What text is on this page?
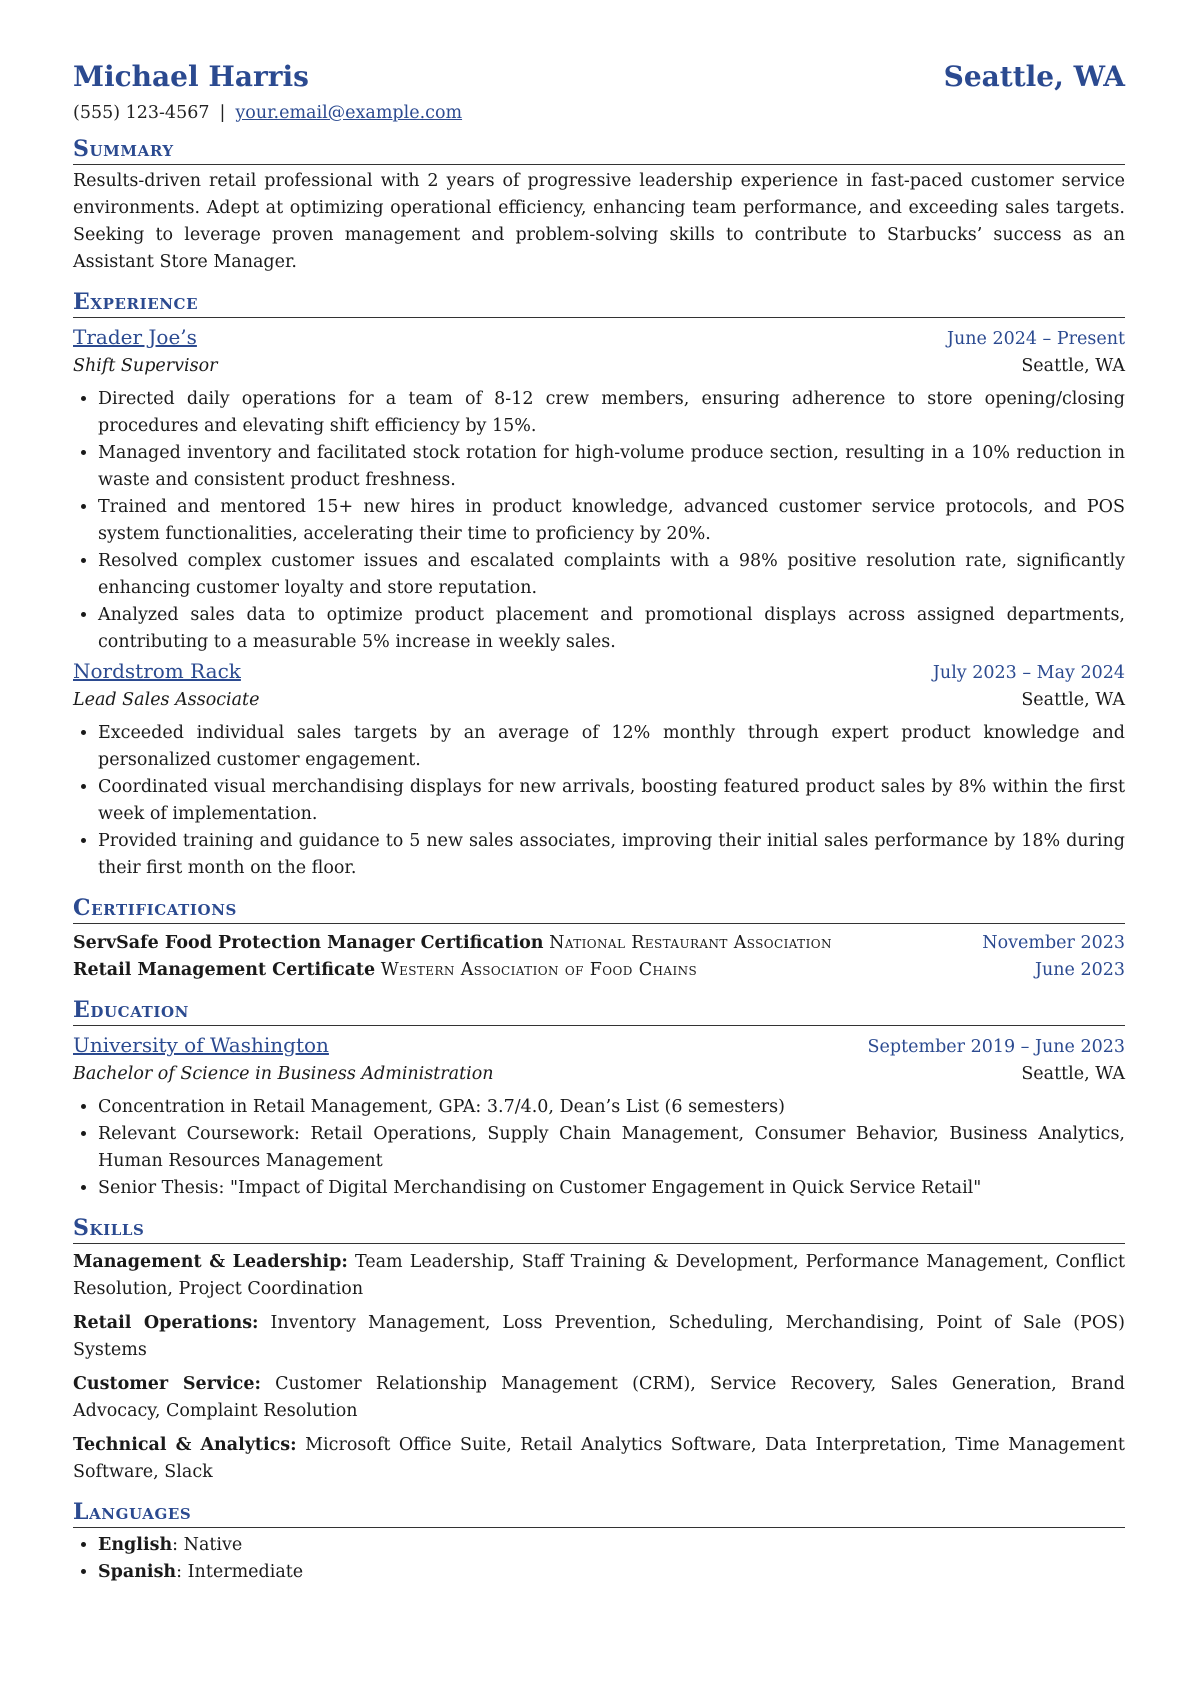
Michael Harris	Seattle, WA
(555) 123-4567 | your.email@example.com
Summary

Results-driven retail professional with 2 years of progressive leadership experience in fast-paced customer service environments. Adept at optimizing operational efficiency, enhancing team performance, and exceeding sales targets. Seeking to leverage proven management and problem-solving skills to contribute to Starbucks’ success as an Assistant Store Manager.

Experience
Trader Joe’s	June 2024 – Present
Shift Supervisor	Seattle, WA
• Directed daily operations for a team of 8-12 crew members, ensuring adherence to store opening/closing procedures and elevating shift efficiency by 15%.
• Managed inventory and facilitated stock rotation for high-volume produce section, resulting in a 10% reduction in waste and consistent product freshness.
• Trained and mentored 15+ new hires in product knowledge, advanced customer service protocols, and POS system functionalities, accelerating their time to proficiency by 20%.
• Resolved complex customer issues and escalated complaints with a 98% positive resolution rate, significantly enhancing customer loyalty and store reputation.
• Analyzed sales data to optimize product placement and promotional displays across assigned departments, contributing to a measurable 5% increase in weekly sales.
Nordstrom Rack	July 2023 – May 2024
Lead Sales Associate	Seattle, WA
• Exceeded individual sales targets by an average of 12% monthly through expert product knowledge and personalized customer engagement.
• Coordinated visual merchandising displays for new arrivals, boosting featured product sales by 8% within the first week of implementation.
• Provided training and guidance to 5 new sales associates, improving their initial sales performance by 18% during their first month on the floor.
Certifications
ServSafe Food Protection Manager Certification National Restaurant Association	November 2023
Retail Management Certificate Western Association of Food Chains	June 2023
Education
University of Washington	September 2019 – June 2023
Bachelor of Science in Business Administration	Seattle, WA
• Concentration in Retail Management, GPA: 3.7/4.0, Dean’s List (6 semesters)
• Relevant Coursework: Retail Operations, Supply Chain Management, Consumer Behavior, Business Analytics, Human Resources Management
• Senior Thesis: "Impact of Digital Merchandising on Customer Engagement in Quick Service Retail"
Skills
Management & Leadership: Team Leadership, Staff Training & Development, Performance Management, Conflict Resolution, Project Coordination
Retail Operations: Inventory Management, Loss Prevention, Scheduling, Merchandising, Point of Sale (POS) Systems
Customer Service: Customer Relationship Management (CRM), Service Recovery, Sales Generation, Brand Advocacy, Complaint Resolution
Technical & Analytics: Microsoft Office Suite, Retail Analytics Software, Data Interpretation, Time Management Software, Slack
Languages
• English: Native
• Spanish: Intermediate
